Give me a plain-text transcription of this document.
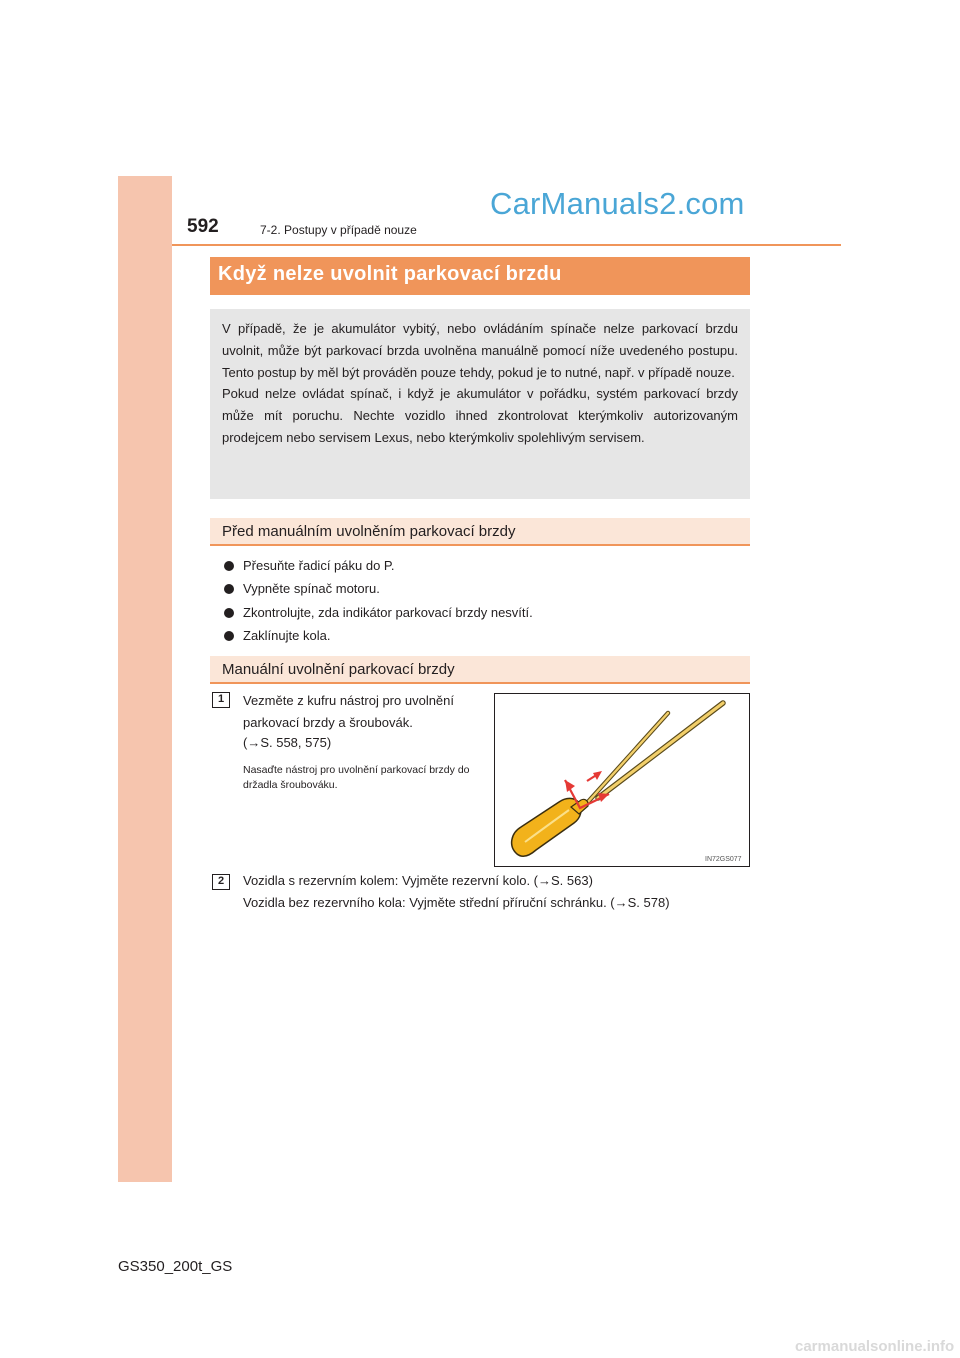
CarManuals2.com
592	7-2. Postupy v případě nouze
Když nelze uvolnit parkovací brzdu

V případě, že je akumulátor vybitý, nebo ovládáním spínače nelze parkovací brzdu uvolnit, může být parkovací brzda uvolněna manuálně pomocí níže uvedeného postupu. Tento postup by měl být prováděn pouze tehdy, pokud je to nutné, např. v případě nouze.

Pokud nelze ovládat spínač, i když je akumulátor v pořádku, systém parkovací brzdy může mít poruchu. Nechte vozidlo ihned zkontrolovat kterýmkoliv autorizovaným prodejcem nebo servisem Lexus, nebo kterýmkoliv spolehlivým servisem.

Před manuálním uvolněním parkovací brzdy
Přesuňte řadicí páku do P.
Vypněte spínač motoru.
Zkontrolujte, zda indikátor parkovací brzdy nesvítí.
Zaklínujte kola.
Manuální uvolnění parkovací brzdy
1	Vezměte z kufru nástroj pro uvolnění parkovací brzdy a šroubovák.
(→S. 558, 575)
Nasaďte nástroj pro uvolnění parkovací brzdy do držadla šroubováku.
IN72GS077
2	Vozidla s rezervním kolem: Vyjměte rezervní kolo. (→S. 563)
Vozidla bez rezervního kola: Vyjměte střední příruční schránku. (→S. 578)
GS350_200t_GS
carmanualsonline.info
